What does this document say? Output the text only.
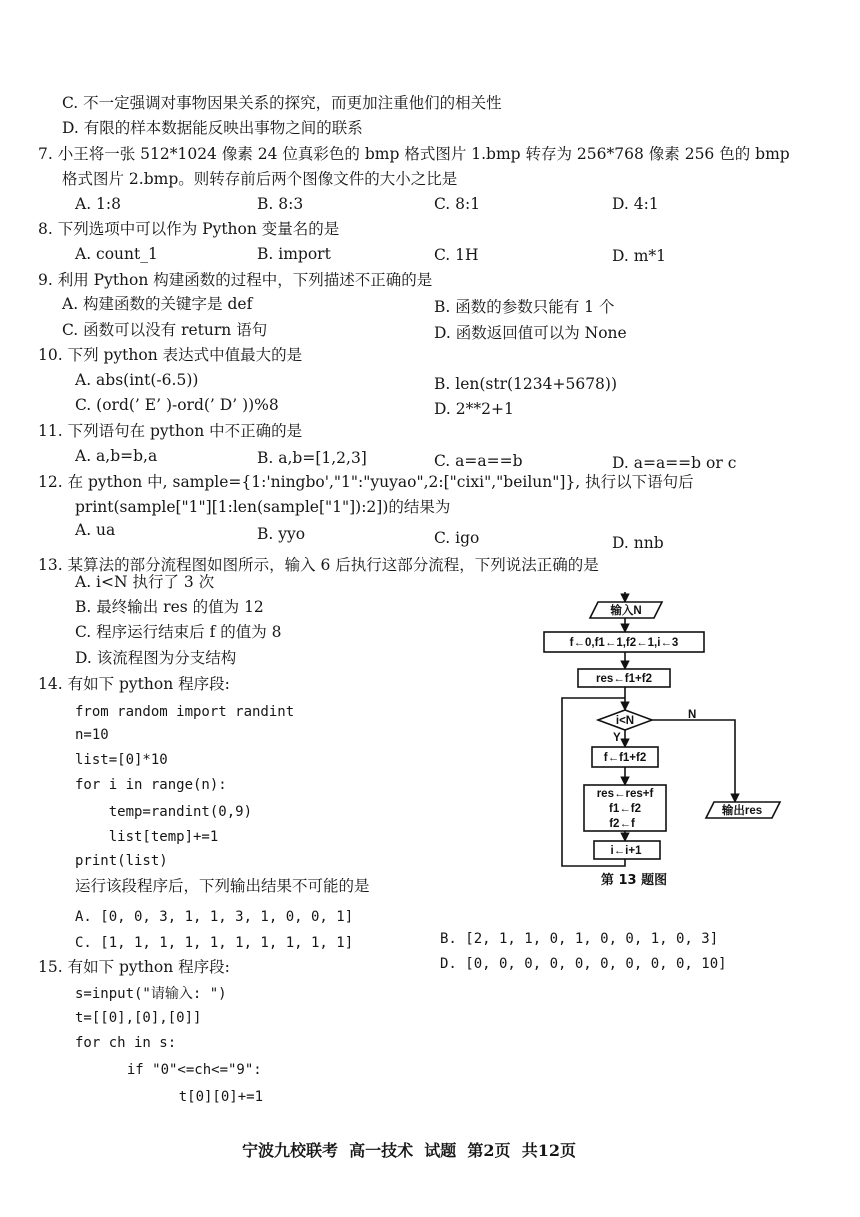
C. 不一定强调对事物因果关系的探究，而更加注重他们的相关性
D. 有限的样本数据能反映出事物之间的联系
7. 小王将一张 512*1024 像素 24 位真彩色的 bmp 格式图片 1.bmp 转存为 256*768 像素 256 色的 bmp
格式图片 2.bmp。则转存前后两个图像文件的大小之比是
A. 1:8	B. 8:3	C. 8:1	D. 4:1
8. 下列选项中可以作为 Python 变量名的是
A. count_1	B. import	C. 1H	D. m*1
9. 利用 Python 构建函数的过程中，下列描述不正确的是
A. 构建函数的关键字是 def	B. 函数的参数只能有 1 个
C. 函数可以没有 return 语句	D. 函数返回值可以为 None
10. 下列 python 表达式中值最大的是
A. abs(int(-6.5))	B. len(str(1234+5678))
C. (ord(’ E’ )-ord(’ D’ ))%8	D. 2**2+1
11. 下列语句在 python 中不正确的是
A. a,b=b,a	B. a,b=[1,2,3]	C. a=a==b	D. a=a==b or c
12. 在 python 中, sample={1:'ningbo',"1":"yuyao",2:["cixi","beilun"]}, 执行以下语句后
print(sample["1"][1:len(sample["1"]):2])的结果为
A. ua	B. yyo	C. igo	D. nnb
13. 某算法的部分流程图如图所示，输入 6 后执行这部分流程，下列说法正确的是
A. i<N 执行了 3 次
B. 最终输出 res 的值为 12
C. 程序运行结束后 f 的值为 8
D. 该流程图为分支结构
输入N
f←0,f1←1,f2←1,i←3
res←f1+f2
i<N	N
Y
f←f1+f2
res←res+f
f1←f2
f2←f
i←i+1
输出res
第 13 题图
14. 有如下 python 程序段:
from random import randint
n=10
list=[0]*10
for i in range(n):
temp=randint(0,9)
list[temp]+=1
print(list)
运行该段程序后，下列输出结果不可能的是
A. [0, 0, 3, 1, 1, 3, 1, 0, 0, 1]
B. [2, 1, 1, 0, 1, 0, 0, 1, 0, 3]
C. [1, 1, 1, 1, 1, 1, 1, 1, 1, 1]
D. [0, 0, 0, 0, 0, 0, 0, 0, 0, 10]
15. 有如下 python 程序段:
s=input("请输入: ")
t=[[0],[0],[0]]
for ch in s:
if "0"<=ch<="9":
t[0][0]+=1
宁波九校联考  高一技术  试题  第2页  共12页
